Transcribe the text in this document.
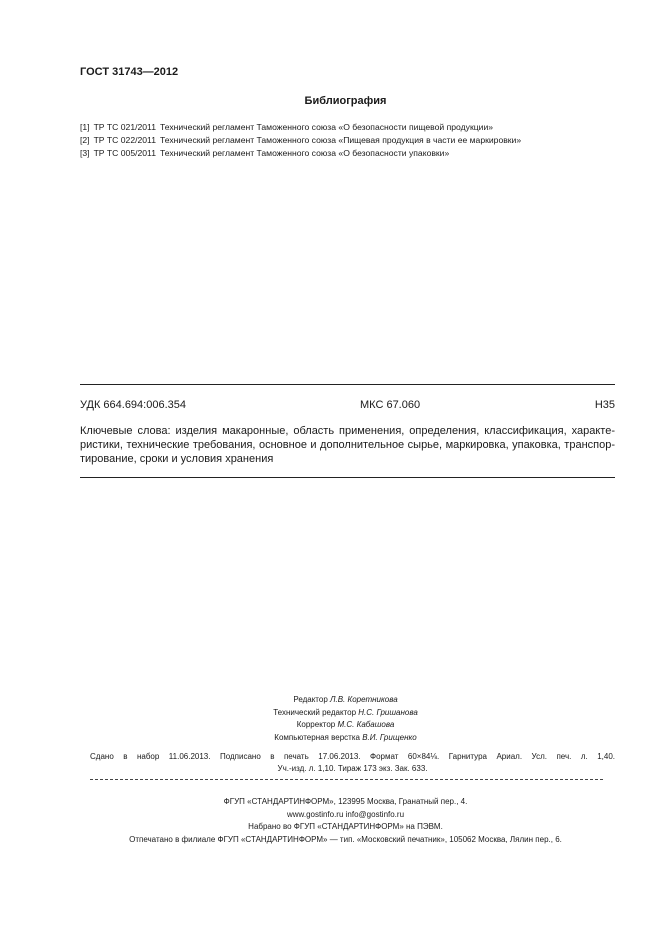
ГОСТ 31743—2012
Библиография
[1] ТР ТС 021/2011 Технический регламент Таможенного союза «О безопасности пищевой продукции»
[2] ТР ТС 022/2011 Технический регламент Таможенного союза «Пищевая продукция в части ее маркировки»
[3] ТР ТС 005/2011 Технический регламент Таможенного союза «О безопасности упаковки»
УДК 664.694:006.354	МКС 67.060	Н35
Ключевые слова: изделия макаронные, область применения, определения, классификация, характе-
ристики, технические требования, основное и дополнительное сырье, маркировка, упаковка, транспор-
тирование, сроки и условия хранения
Редактор Л.В. Коретникова
Технический редактор Н.С. Гришанова
Корректор М.С. Кабашова
Компьютерная верстка В.И. Грищенко
Сдано в набор 11.06.2013. Подписано в печать 17.06.2013. Формат 60×84⅛. Гарнитура Ариал. Усл. печ. л. 1,40.
Уч.-изд. л. 1,10. Тираж 173 экз. Зак. 633.
ФГУП «СТАНДАРТИНФОРМ», 123995 Москва, Гранатный пер., 4.
www.gostinfo.ru info@gostinfo.ru
Набрано во ФГУП «СТАНДАРТИНФОРМ» на ПЭВМ.
Отпечатано в филиале ФГУП «СТАНДАРТИНФОРМ» — тип. «Московский печатник», 105062 Москва, Лялин пер., 6.
